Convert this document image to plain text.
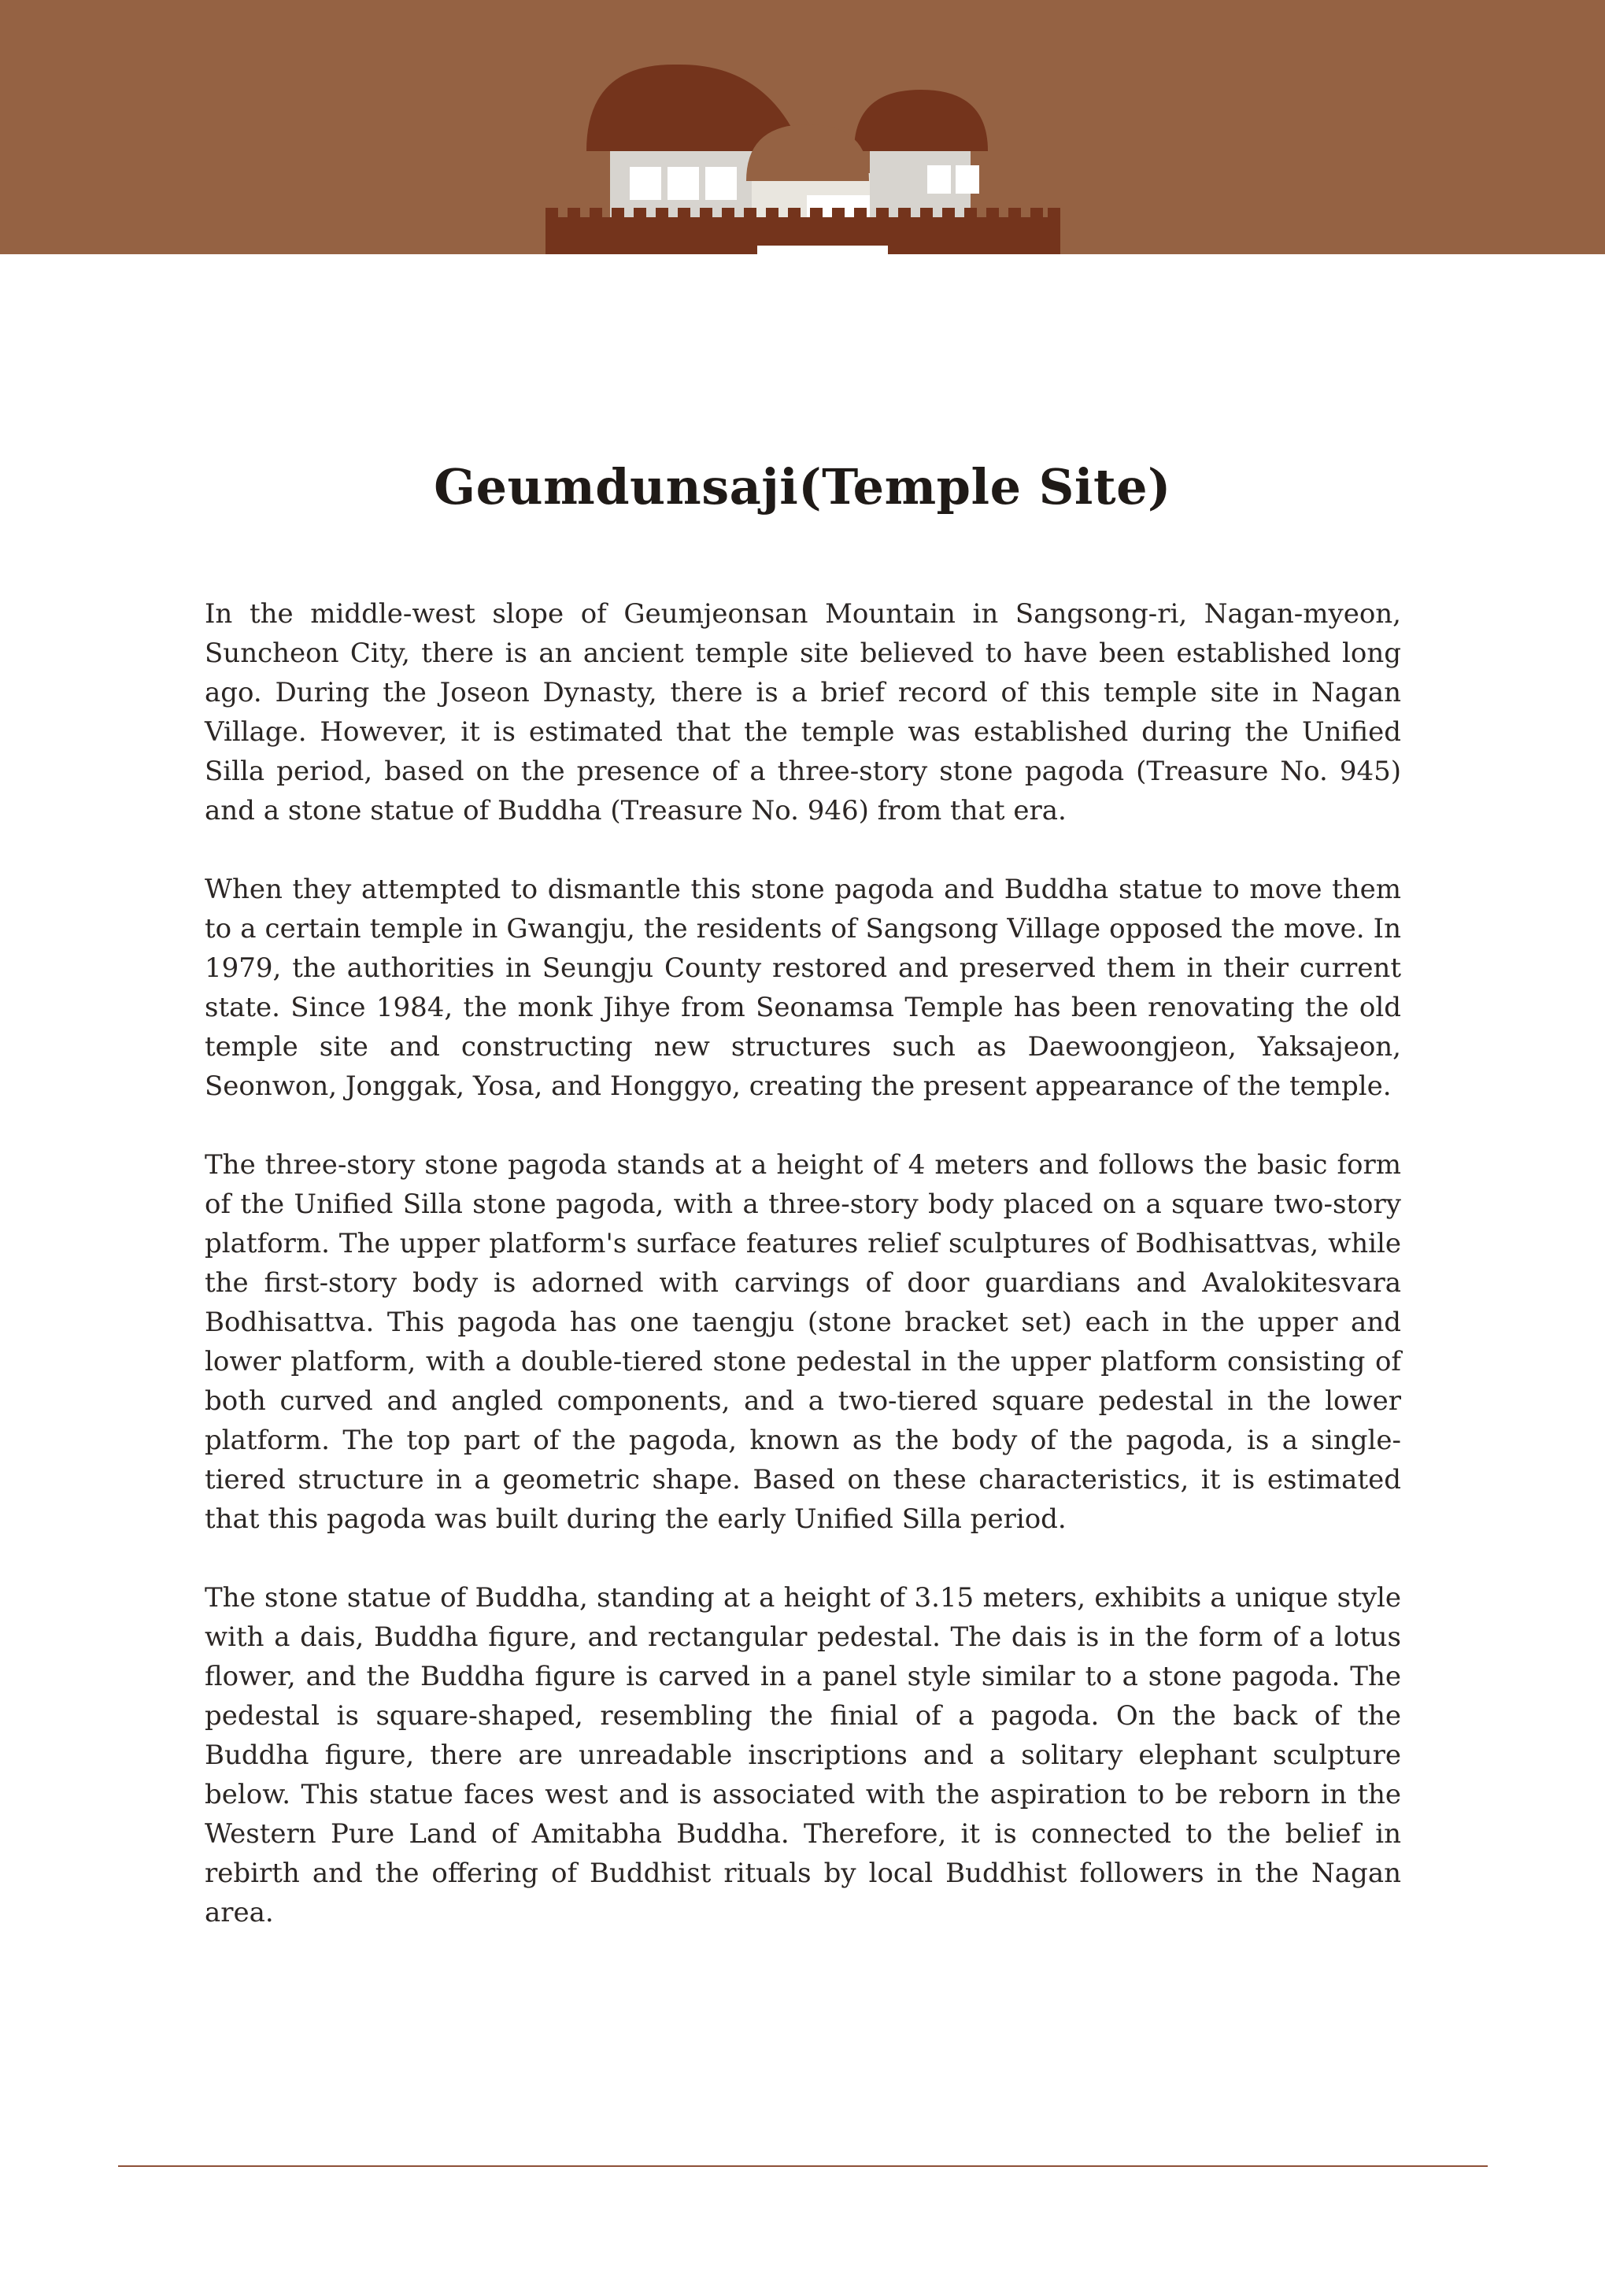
Geumdunsaji(Temple Site)

In the middle-west slope of Geumjeonsan Mountain in Sangsong-ri, Nagan-myeon, Suncheon City, there is an ancient temple site believed to have been established long ago. During the Joseon Dynasty, there is a brief record of this temple site in Nagan Village. However, it is estimated that the temple was established during the Unified Silla period, based on the presence of a three-story stone pagoda (Treasure No. 945) and a stone statue of Buddha (Treasure No. 946) from that era.

When they attempted to dismantle this stone pagoda and Buddha statue to move them to a certain temple in Gwangju, the residents of Sangsong Village opposed the move. In 1979, the authorities in Seungju County restored and preserved them in their current state. Since 1984, the monk Jihye from Seonamsa Temple has been renovating the old temple site and constructing new structures such as Daewoongjeon, Yaksajeon, Seonwon, Jonggak, Yosa, and Honggyo, creating the present appearance of the temple.

The three-story stone pagoda stands at a height of 4 meters and follows the basic form of the Unified Silla stone pagoda, with a three-story body placed on a square two-story platform. The upper platform's surface features relief sculptures of Bodhisattvas, while the first-story body is adorned with carvings of door guardians and Avalokitesvara Bodhisattva. This pagoda has one taengju (stone bracket set) each in the upper and lower platform, with a double-tiered stone pedestal in the upper platform consisting of both curved and angled components, and a two-tiered square pedestal in the lower platform. The top part of the pagoda, known as the body of the pagoda, is a single-tiered structure in a geometric shape. Based on these characteristics, it is estimated that this pagoda was built during the early Unified Silla period.

The stone statue of Buddha, standing at a height of 3.15 meters, exhibits a unique style with a dais, Buddha figure, and rectangular pedestal. The dais is in the form of a lotus flower, and the Buddha figure is carved in a panel style similar to a stone pagoda. The pedestal is square-shaped, resembling the finial of a pagoda. On the back of the Buddha figure, there are unreadable inscriptions and a solitary elephant sculpture below. This statue faces west and is associated with the aspiration to be reborn in the Western Pure Land of Amitabha Buddha. Therefore, it is connected to the belief in rebirth and the offering of Buddhist rituals by local Buddhist followers in the Nagan area.
